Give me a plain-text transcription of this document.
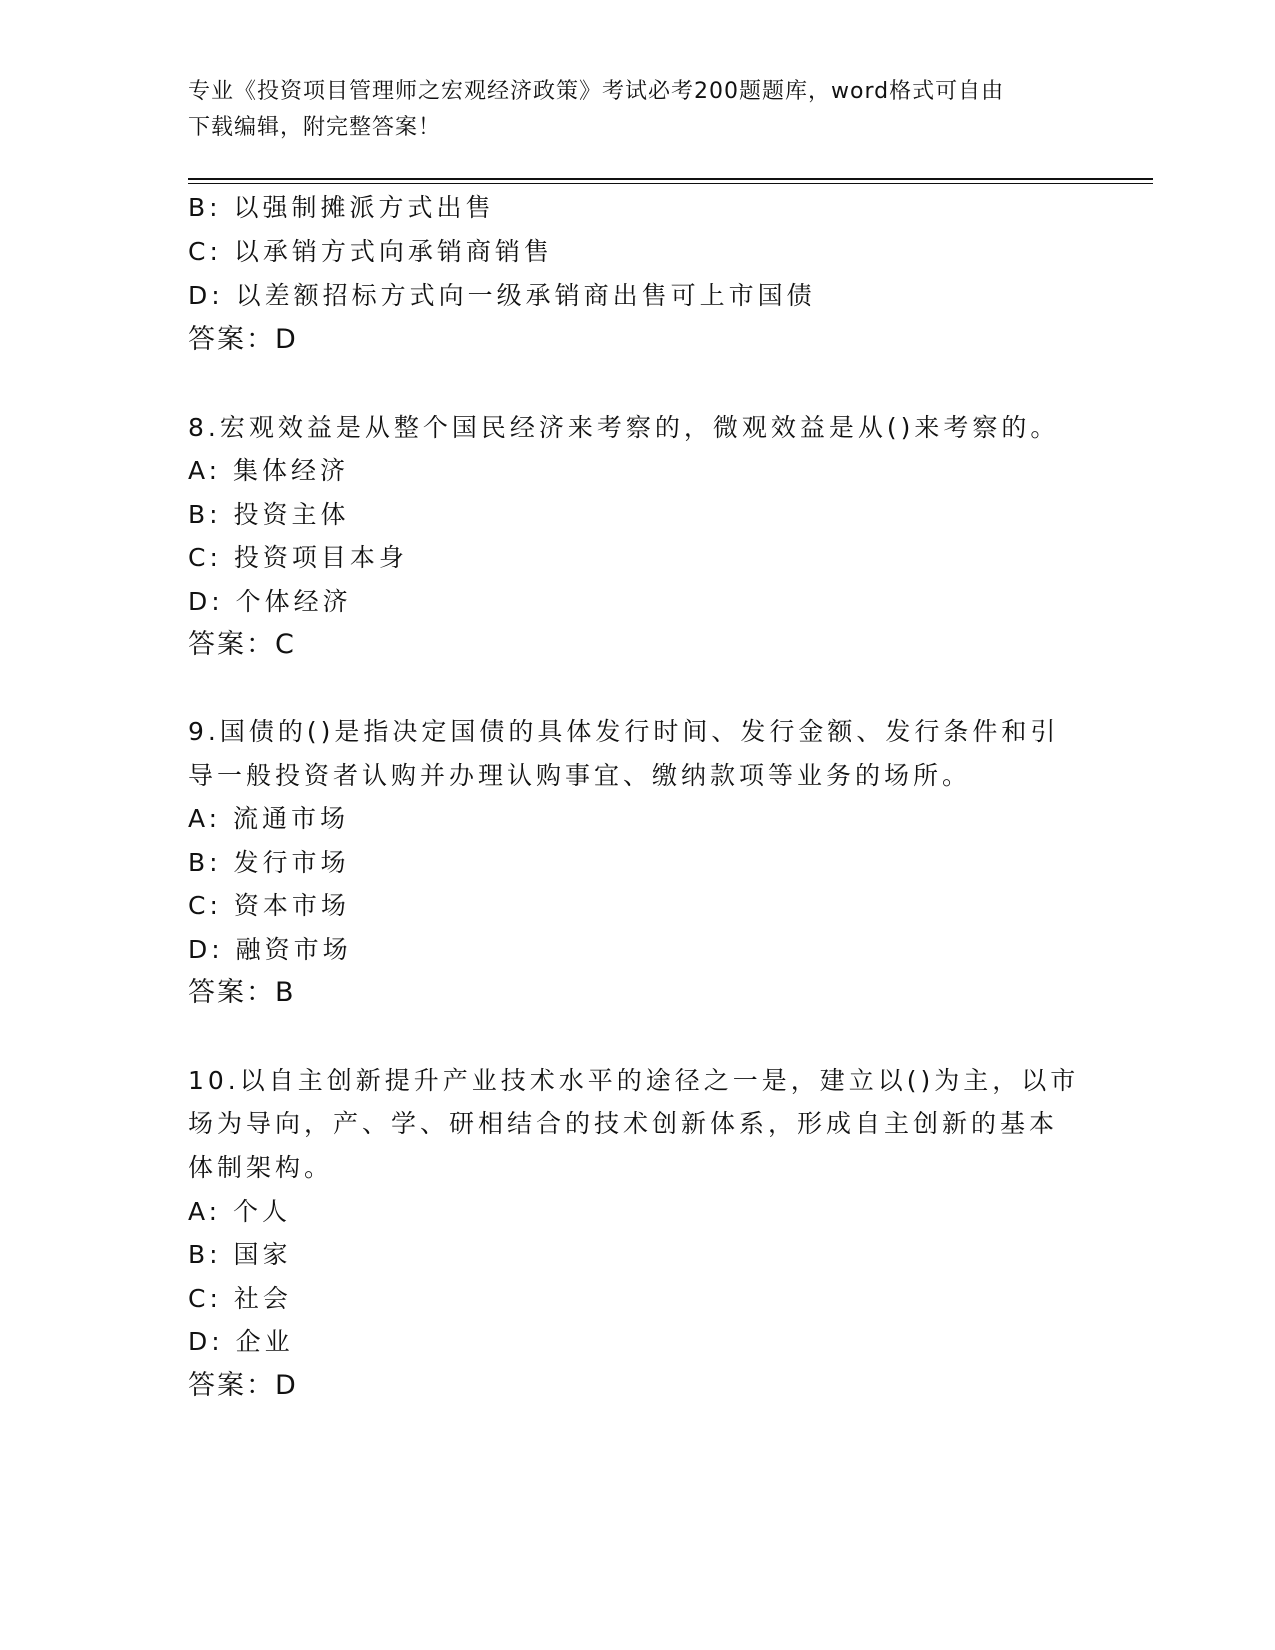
专业《投资项目管理师之宏观经济政策》考试必考200题题库，word格式可自由
下载编辑，附完整答案！
B: 以强制摊派方式出售
C: 以承销方式向承销商销售
D: 以差额招标方式向一级承销商出售可上市国债
答案：D
8.宏观效益是从整个国民经济来考察的，微观效益是从()来考察的。
A: 集体经济
B: 投资主体
C: 投资项目本身
D: 个体经济
答案：C
9.国债的()是指决定国债的具体发行时间、发行金额、发行条件和引
导一般投资者认购并办理认购事宜、缴纳款项等业务的场所。
A: 流通市场
B: 发行市场
C: 资本市场
D: 融资市场
答案：B
10.以自主创新提升产业技术水平的途径之一是，建立以()为主，以市
场为导向，产、学、研相结合的技术创新体系，形成自主创新的基本
体制架构。
A: 个人
B: 国家
C: 社会
D: 企业
答案：D
